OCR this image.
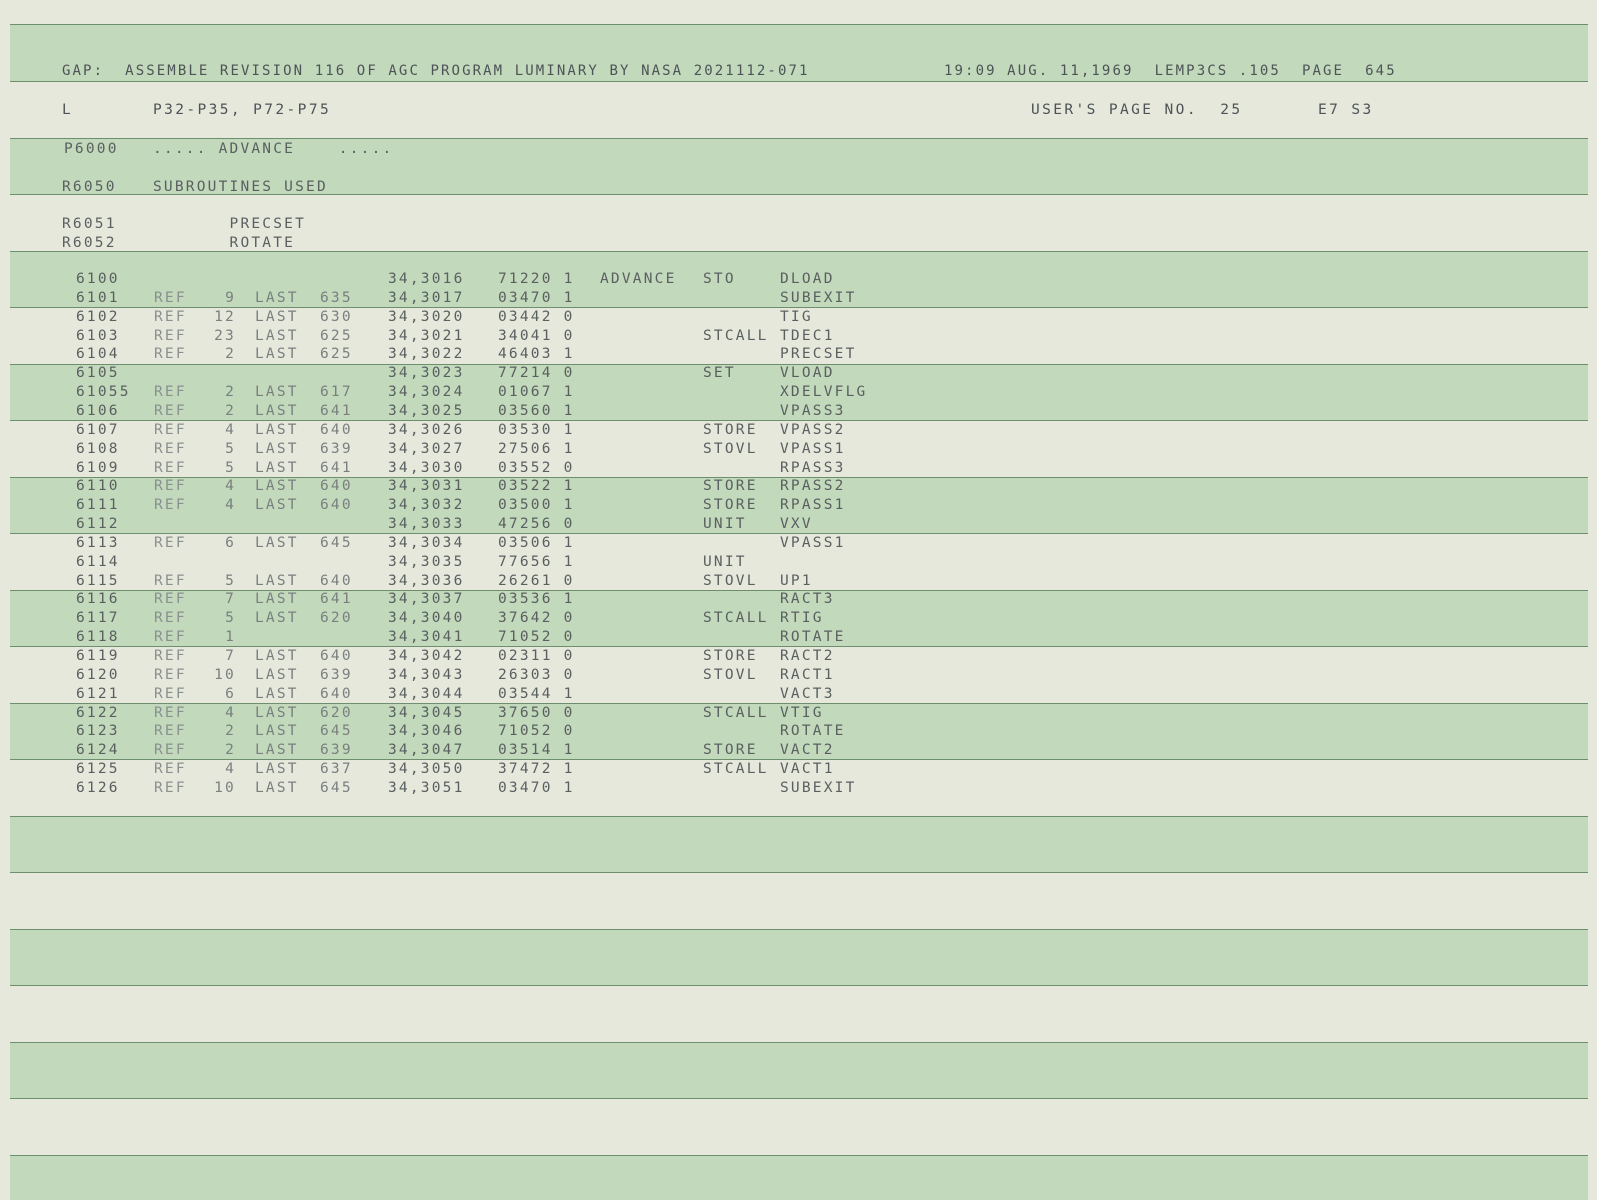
GAP:  ASSEMBLE REVISION 116 OF AGC PROGRAM LUMINARY BY NASA 2021112-071	19:09 AUG. 11,1969  LEMP3CS .105  PAGE  645
L	P32-P35, P72-P75	USER'S PAGE NO.  25	E7 S3
P6000 ..... ADVANCE    .....
R6050	SUBROUTINES USED
R6051	PRECSET
R6052	ROTATE
6100	34,3016 71220 1 ADVANCE STO	DLOAD
6101	REF	9 LAST 635 34,3017 03470 1	SUBEXIT
6102	REF	12 LAST 630 34,3020 03442 0	TIG
6103	REF	23 LAST 625 34,3021 34041 0	STCALL TDEC1
6104	REF	2 LAST 625 34,3022 46403 1	PRECSET
6105	34,3023 77214 0	SET	VLOAD
61055	REF	2 LAST 617 34,3024 01067 1	XDELVFLG
6106	REF	2 LAST 641 34,3025 03560 1	VPASS3
6107	REF	4 LAST 640 34,3026 03530 1	STORE VPASS2
6108	REF	5 LAST 639 34,3027 27506 1	STOVL VPASS1
6109	REF	5 LAST 641 34,3030 03552 0	RPASS3
6110	REF	4 LAST 640 34,3031 03522 1	STORE RPASS2
6111	REF	4 LAST 640 34,3032 03500 1	STORE RPASS1
6112	34,3033 47256 0	UNIT VXV
6113	REF	6 LAST 645 34,3034 03506 1	VPASS1
6114	34,3035 77656 1	UNIT
6115	REF	5 LAST 640 34,3036 26261 0	STOVL UP1
6116	REF	7 LAST 641 34,3037 03536 1	RACT3
6117	REF	5 LAST 620 34,3040 37642 0	STCALL RTIG
6118	REF	1	34,3041 71052 0	ROTATE
6119	REF	7 LAST 640 34,3042 02311 0	STORE RACT2
6120	REF	10 LAST 639 34,3043 26303 0	STOVL RACT1
6121	REF	6 LAST 640 34,3044 03544 1	VACT3
6122	REF	4 LAST 620 34,3045 37650 0	STCALL VTIG
6123	REF	2 LAST 645 34,3046 71052 0	ROTATE
6124	REF	2 LAST 639 34,3047 03514 1	STORE VACT2
6125	REF	4 LAST 637 34,3050 37472 1	STCALL VACT1
6126	REF	10 LAST 645 34,3051 03470 1	SUBEXIT
